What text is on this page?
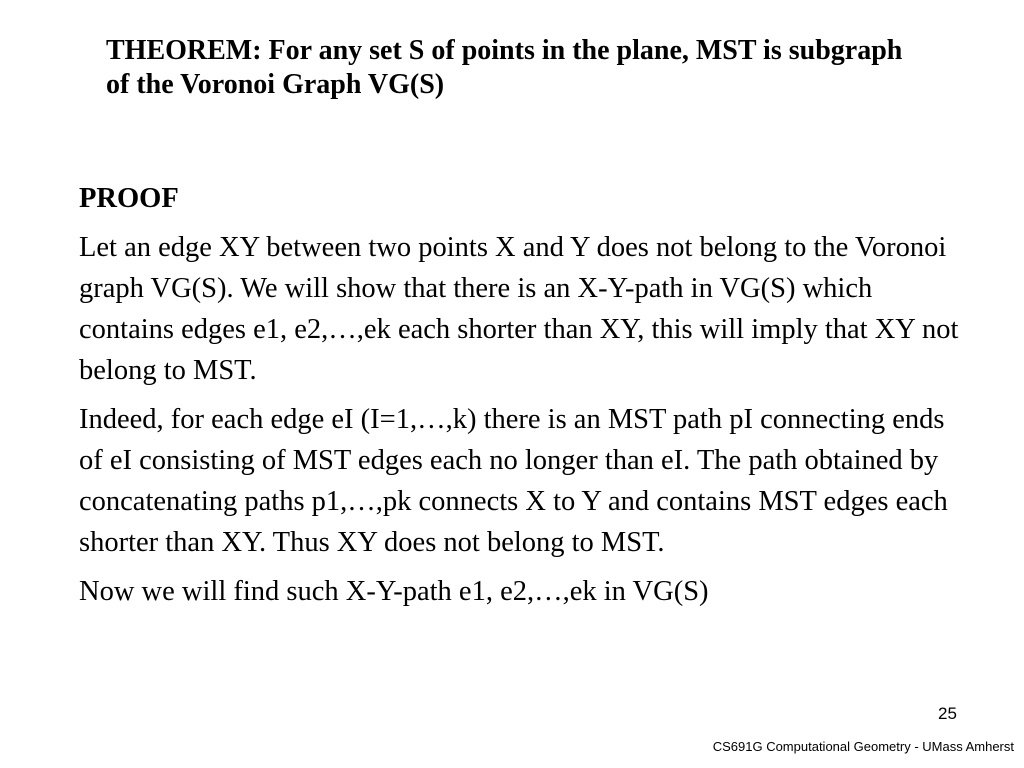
THEOREM: For any set S of points in the plane, MST is subgraph of the Voronoi Graph VG(S)

PROOF

Let an edge XY between two points X and Y does not belong to the Voronoi graph VG(S). We will show that there is an X-Y-path in VG(S) which contains edges e1, e2,…,ek each shorter than XY, this will imply that XY not belong to MST.

Indeed, for each edge eI (I=1,…,k) there is an MST path pI connecting ends of eI consisting of MST edges each no longer than eI. The path obtained by concatenating paths p1,…,pk connects X to Y and contains MST edges each shorter than XY. Thus XY does not belong to MST.

Now we will find such X-Y-path e1, e2,…,ek in VG(S)

25
CS691G Computational Geometry - UMass Amherst
